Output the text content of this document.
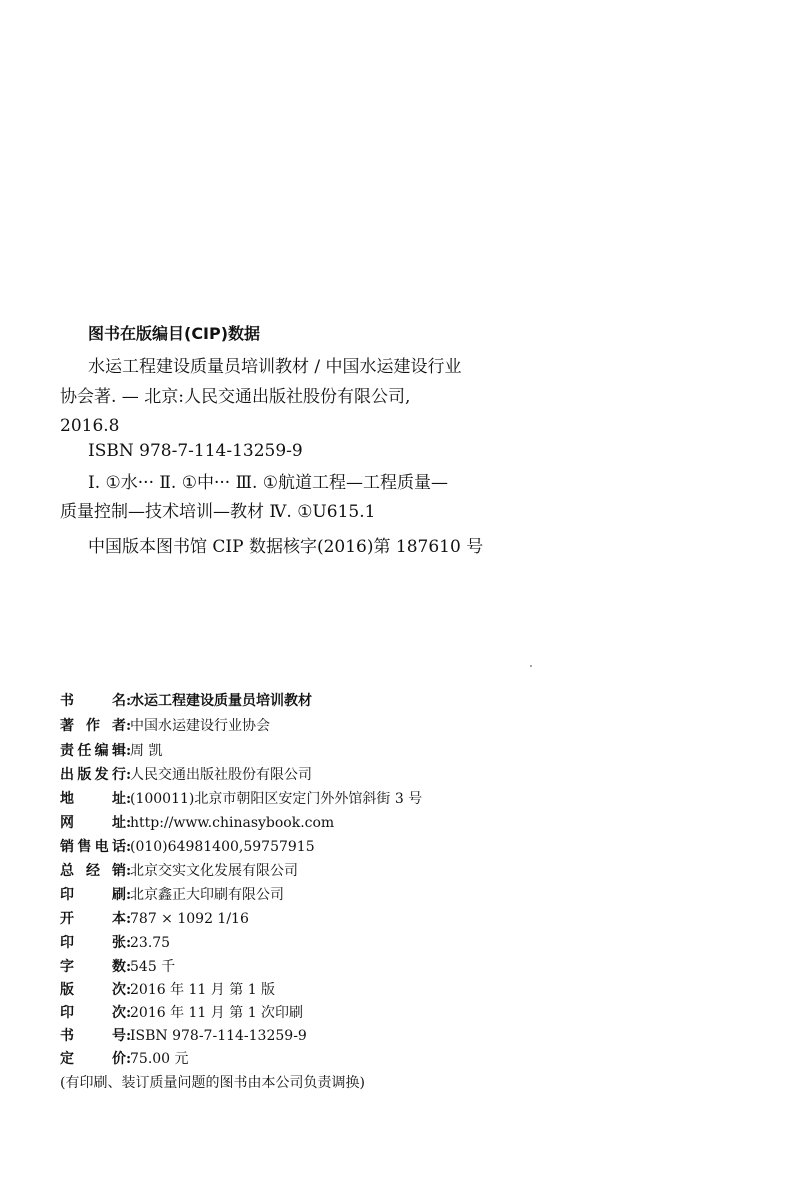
图书在版编目(CIP)数据
水运工程建设质量员培训教材 / 中国水运建设行业
协会著. — 北京:人民交通出版社股份有限公司,
2016.8
ISBN 978-7-114-13259-9
Ⅰ. ①水··· Ⅱ. ①中··· Ⅲ. ①航道工程—工程质量—
质量控制—技术培训—教材 Ⅳ. ①U615.1
中国版本图书馆 CIP 数据核字(2016)第 187610 号
书名:水运工程建设质量员培训教材
著作者:中国水运建设行业协会
责任编辑:周 凯
出版发行:人民交通出版社股份有限公司
地址:(100011)北京市朝阳区安定门外外馆斜街 3 号
网址:http://www.chinasybook.com
销售电话:(010)64981400,59757915
总经销:北京交实文化发展有限公司
印刷:北京鑫正大印刷有限公司
开本:787 × 1092 1/16
印张:23.75
字数:545 千
版次:2016 年 11 月 第 1 版
印次:2016 年 11 月 第 1 次印刷
书号:ISBN 978-7-114-13259-9
定价:75.00 元
(有印刷、装订质量问题的图书由本公司负责调换)
